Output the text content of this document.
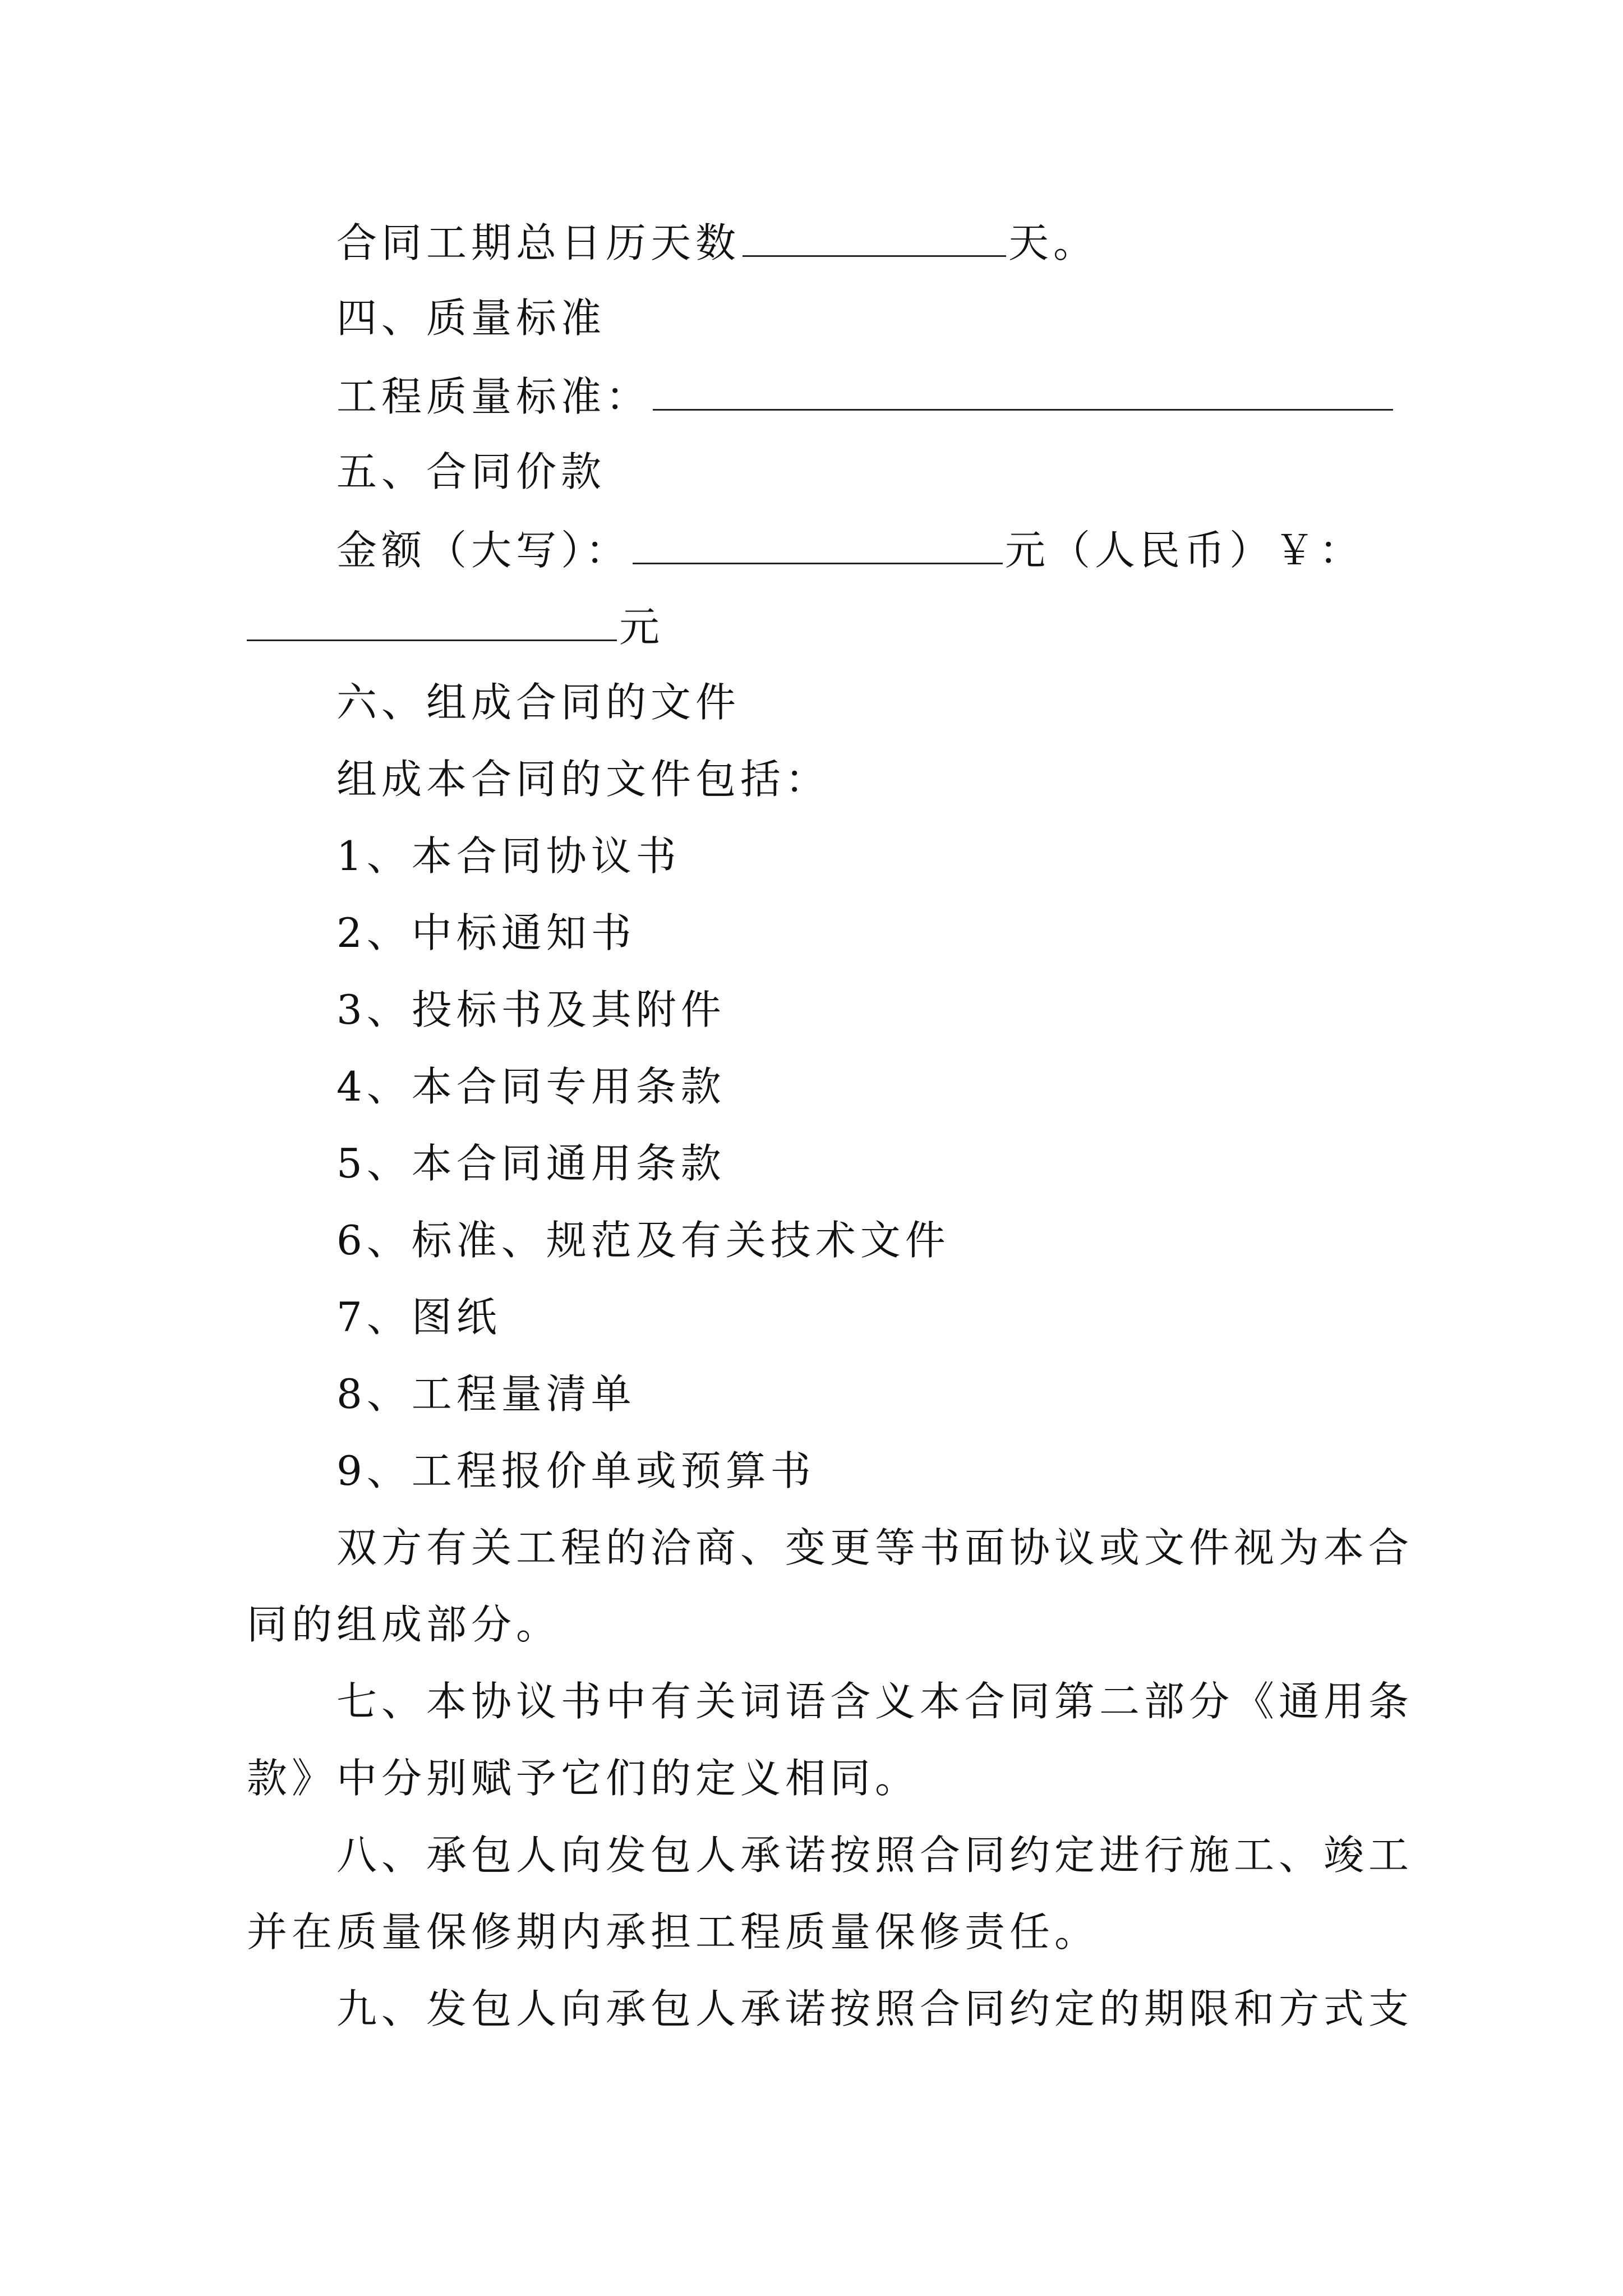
合同工期总日历天数	天。
四、质量标准
工程质量标准：
五、合同价款
金额（大写）：	元（人民币）￥：
元
六、组成合同的文件
组成本合同的文件包括：
1、本合同协议书
2、中标通知书
3、投标书及其附件
4、本合同专用条款
5、本合同通用条款
6、标准、规范及有关技术文件
7、图纸
8、工程量清单
9、工程报价单或预算书
双方有关工程的洽商、变更等书面协议或文件视为本合
同的组成部分。
七、本协议书中有关词语含义本合同第二部分《通用条
款》中分别赋予它们的定义相同。
八、承包人向发包人承诺按照合同约定进行施工、竣工
并在质量保修期内承担工程质量保修责任。
九、发包人向承包人承诺按照合同约定的期限和方式支
